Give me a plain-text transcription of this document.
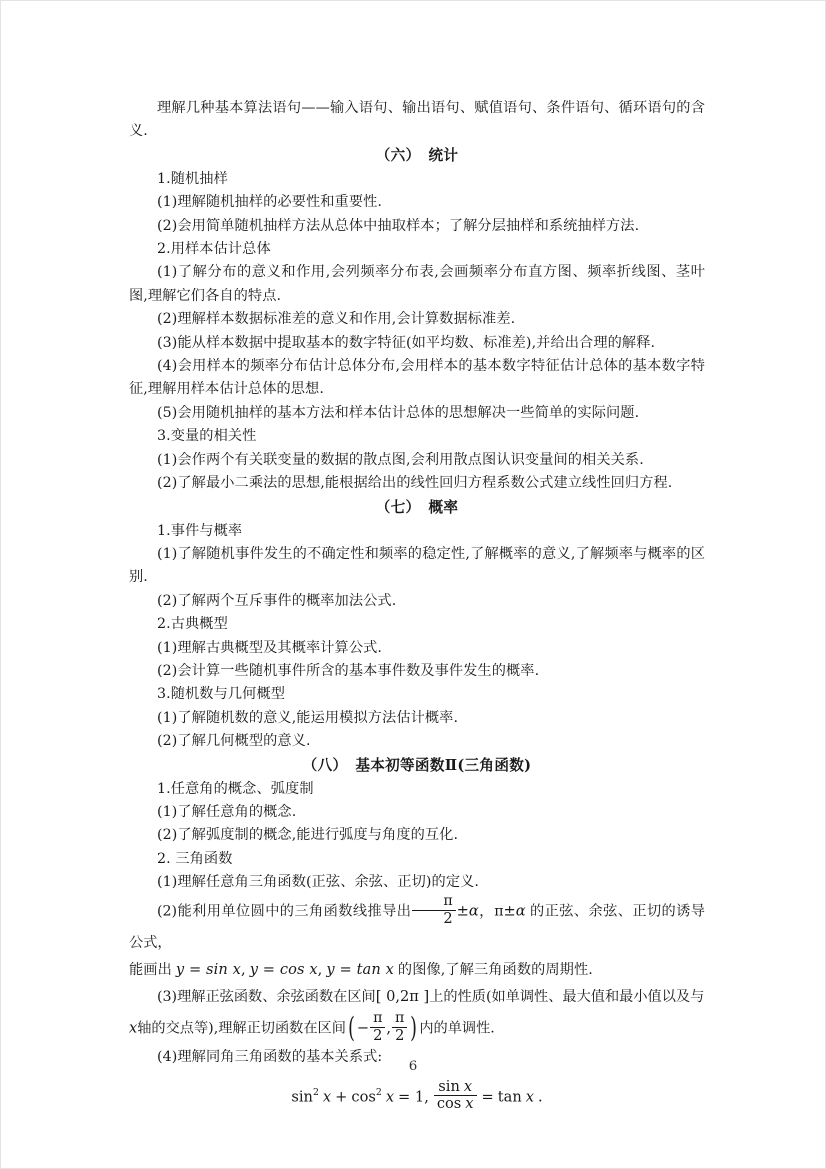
理解几种基本算法语句——输入语句、输出语句、赋值语句、条件语句、循环语句的含义.

（六） 统计

1.随机抽样

(1)理解随机抽样的必要性和重要性.

(2)会用简单随机抽样方法从总体中抽取样本；了解分层抽样和系统抽样方法.

2.用样本估计总体

(1)了解分布的意义和作用,会列频率分布表,会画频率分布直方图、频率折线图、茎叶图,理解它们各自的特点.

(2)理解样本数据标准差的意义和作用,会计算数据标准差.

(3)能从样本数据中提取基本的数字特征(如平均数、标准差),并给出合理的解释.

(4)会用样本的频率分布估计总体分布,会用样本的基本数字特征估计总体的基本数字特征,理解用样本估计总体的思想.

(5)会用随机抽样的基本方法和样本估计总体的思想解决一些简单的实际问题.

3.变量的相关性

(1)会作两个有关联变量的数据的散点图,会利用散点图认识变量间的相关关系.

(2)了解最小二乘法的思想,能根据给出的线性回归方程系数公式建立线性回归方程.

（七） 概率

1.事件与概率

(1)了解随机事件发生的不确定性和频率的稳定性,了解概率的意义,了解频率与概率的区别.

(2)了解两个互斥事件的概率加法公式.

2.古典概型

(1)理解古典概型及其概率计算公式.

(2)会计算一些随机事件所含的基本事件数及事件发生的概率.

3.随机数与几何概型

(1)了解随机数的意义,能运用模拟方法估计概率.

(2)了解几何概型的意义.

（八） 基本初等函数Ⅱ(三角函数)

1.任意角的概念、弧度制

(1)了解任意角的概念.

(2)了解弧度制的概念,能进行弧度与角度的互化.

2. 三角函数

(1)理解任意角三角函数(正弦、余弦、正切)的定义.

(2)能利用单位圆中的三角函数线推导出 $\frac{\pi}{2} \pm\alpha$，π±α 的正弦、余弦、正切的诱导公式，

能画出 y = sin x, y = cos x, y = tan x 的图像,了解三角函数的周期性.

(3)理解正弦函数、余弦函数在区间[ 0,2π ]上的性质(如单调性、最大值和最小值以及与

x轴的交点等),理解正切函数在区间( − $\frac{\pi}{2}$ , $\frac{\pi}{2}$ ) 内的单调性.

(4)理解同角三角函数的基本关系式:

$\sin^2 x + \cos^2 x = 1$, $\frac{\text{sin x}}{\text{cos x}} = \tan x$ .

6
